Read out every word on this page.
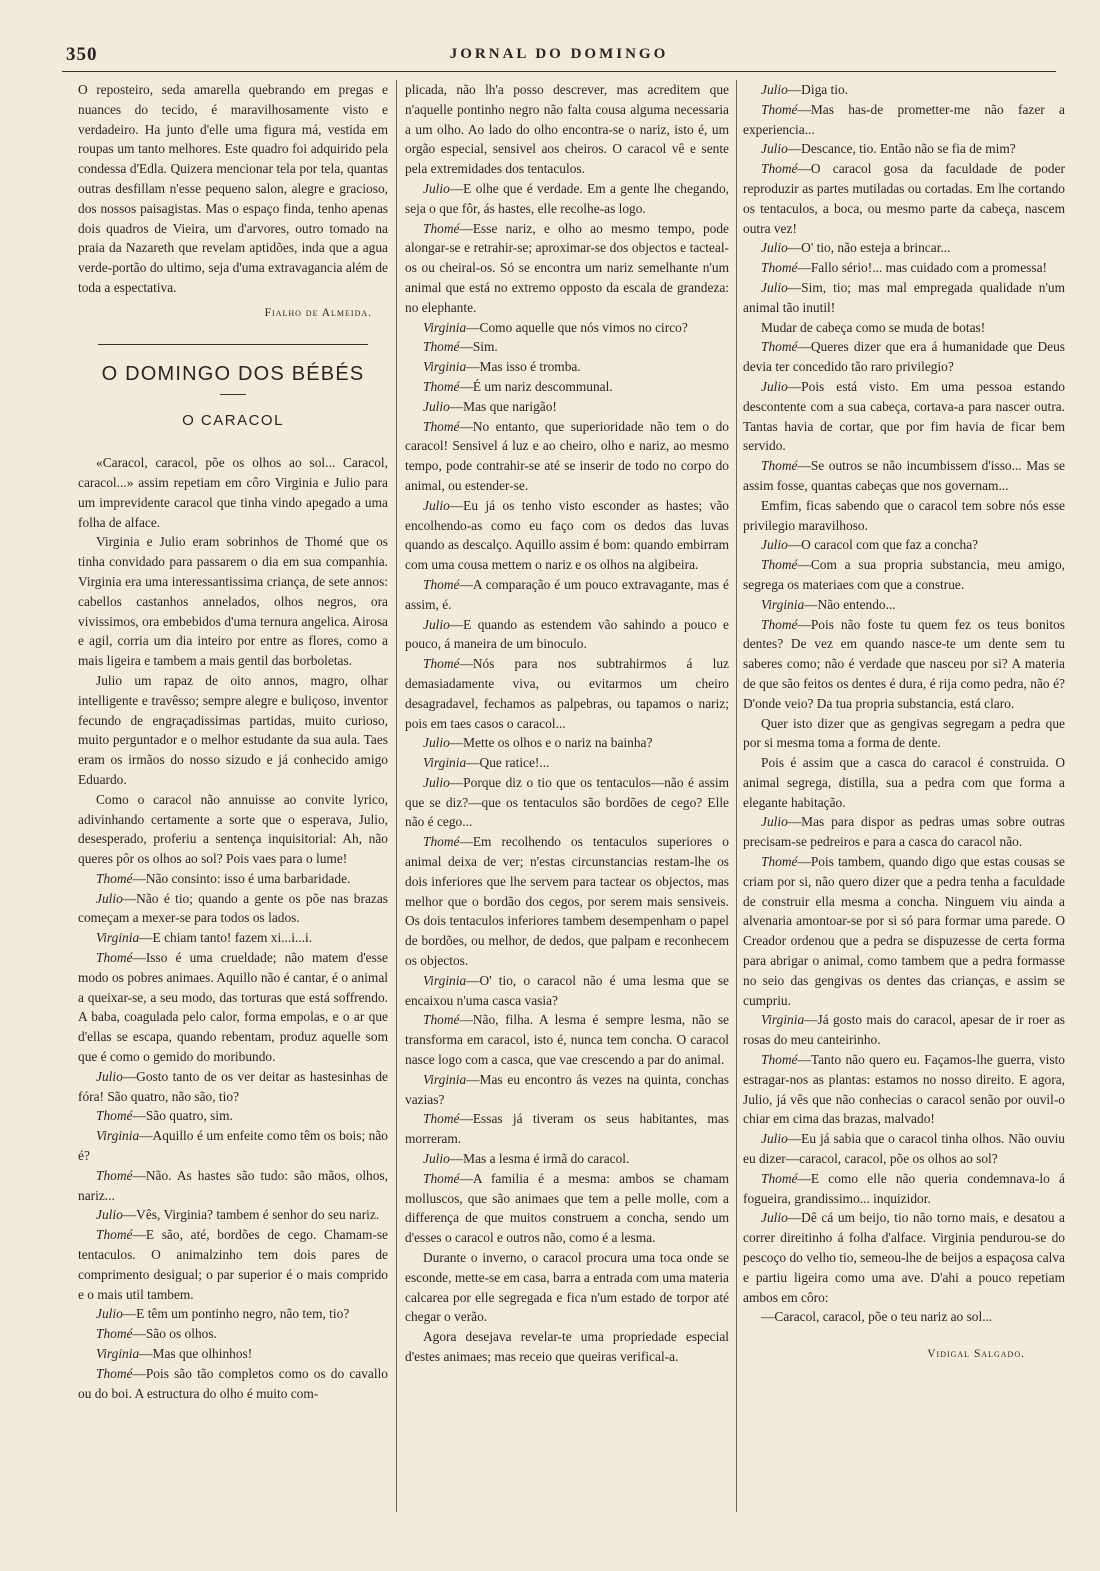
350	JORNAL DO DOMINGO

O reposteiro, seda amarella quebrando em pregas e nuances do tecido, é maravilhosamente visto e verdadeiro. Ha junto d'elle uma figura má, vestida em roupas um tanto melhores. Este quadro foi adquirido pela condessa d'Edla. Quizera mencionar tela por tela, quantas outras desfillam n'esse pequeno salon, alegre e gracioso, dos nossos paisagistas. Mas o espaço finda, tenho apenas dois quadros de Vieira, um d'arvores, outro tomado na praia da Nazareth que revelam aptidões, inda que a agua verde-portão do ultimo, seja d'uma extravagancia além de toda a espectativa.

Fialho de Almeida.
O DOMINGO DOS BÉBÉS
O CARACOL

«Caracol, caracol, põe os olhos ao sol... Caracol, caracol...» assim repetiam em côro Virginia e Julio para um imprevidente caracol que tinha vindo apegado a uma folha de alface.

Virginia e Julio eram sobrinhos de Thomé que os tinha convidado para passarem o dia em sua companhia. Virginia era uma interessantissima criança, de sete annos: cabellos castanhos annelados, olhos negros, ora vivissimos, ora embebidos d'uma ternura angelica. Airosa e agil, corria um dia inteiro por entre as flores, como a mais ligeira e tambem a mais gentil das borboletas.

Julio um rapaz de oito annos, magro, olhar intelligente e travêsso; sempre alegre e buliçoso, inventor fecundo de engraçadissimas partidas, muito curioso, muito perguntador e o melhor estudante da sua aula. Taes eram os irmãos do nosso sizudo e já conhecido amigo Eduardo.

Como o caracol não annuisse ao convite lyrico, adivinhando certamente a sorte que o esperava, Julio, desesperado, proferiu a sentença inquisitorial: Ah, não queres pôr os olhos ao sol? Pois vaes para o lume!

Thomé—Não consinto: isso é uma barbaridade.

Julio—Não é tio; quando a gente os põe nas brazas começam a mexer-se para todos os lados.

Virginia—E chiam tanto! fazem xi...i...i.

Thomé—Isso é uma crueldade; não matem d'esse modo os pobres animaes. Aquillo não é cantar, é o animal a queixar-se, a seu modo, das torturas que está soffrendo. A baba, coagulada pelo calor, forma empolas, e o ar que d'ellas se escapa, quando rebentam, produz aquelle som que é como o gemido do moribundo.

Julio—Gosto tanto de os ver deitar as hastesinhas de fóra! São quatro, não são, tio?

Thomé—São quatro, sim.

Virginia—Aquillo é um enfeite como têm os bois; não é?

Thomé—Não. As hastes são tudo: são mãos, olhos, nariz...

Julio—Vês, Virginia? tambem é senhor do seu nariz.

Thomé—E são, até, bordões de cego. Chamam-se tentaculos. O animalzinho tem dois pares de comprimento desigual; o par superior é o mais comprido e o mais util tambem.

Julio—E têm um pontinho negro, não tem, tio?

Thomé—São os olhos.

Virginia—Mas que olhinhos!

Thomé—Pois são tão completos como os do cavallo ou do boi. A estructura do olho é muito com-

plicada, não lh'a posso descrever, mas acreditem que n'aquelle pontinho negro não falta cousa alguma necessaria a um olho. Ao lado do olho encontra-se o nariz, isto é, um orgão especial, sensivel aos cheiros. O caracol vê e sente pela extremidades dos tentaculos.

Julio—E olhe que é verdade. Em a gente lhe chegando, seja o que fôr, ás hastes, elle recolhe-as logo.

Thomé—Esse nariz, e olho ao mesmo tempo, pode alongar-se e retrahir-se; aproximar-se dos objectos e tacteal-os ou cheiral-os. Só se encontra um nariz semelhante n'um animal que está no extremo opposto da escala de grandeza: no elephante.

Virginia—Como aquelle que nós vimos no circo?

Thomé—Sim.

Virginia—Mas isso é tromba.

Thomé—É um nariz descommunal.

Julio—Mas que narigão!

Thomé—No entanto, que superioridade não tem o do caracol! Sensivel á luz e ao cheiro, olho e nariz, ao mesmo tempo, pode contrahir-se até se inserir de todo no corpo do animal, ou estender-se.

Julio—Eu já os tenho visto esconder as hastes; vão encolhendo-as como eu faço com os dedos das luvas quando as descalço. Aquillo assim é bom: quando embirram com uma cousa mettem o nariz e os olhos na algibeira.

Thomé—A comparação é um pouco extravagante, mas é assim, é.

Julio—E quando as estendem vão sahindo a pouco e pouco, á maneira de um binoculo.

Thomé—Nós para nos subtrahirmos á luz demasiadamente viva, ou evitarmos um cheiro desagradavel, fechamos as palpebras, ou tapamos o nariz; pois em taes casos o caracol...

Julio—Mette os olhos e o nariz na bainha?

Virginia—Que ratice!...

Julio—Porque diz o tio que os tentaculos—não é assim que se diz?—que os tentaculos são bordões de cego? Elle não é cego...

Thomé—Em recolhendo os tentaculos superiores o animal deixa de ver; n'estas circunstancias restam-lhe os dois inferiores que lhe servem para tactear os objectos, mas melhor que o bordão dos cegos, por serem mais sensiveis. Os dois tentaculos inferiores tambem desempenham o papel de bordões, ou melhor, de dedos, que palpam e reconhecem os objectos.

Virginia—O' tio, o caracol não é uma lesma que se encaixou n'uma casca vasia?

Thomé—Não, filha. A lesma é sempre lesma, não se transforma em caracol, isto é, nunca tem concha. O caracol nasce logo com a casca, que vae crescendo a par do animal.

Virginia—Mas eu encontro ás vezes na quinta, conchas vazias?

Thomé—Essas já tiveram os seus habitantes, mas morreram.

Julio—Mas a lesma é irmã do caracol.

Thomé—A familia é a mesma: ambos se chamam molluscos, que são animaes que tem a pelle molle, com a differença de que muitos construem a concha, sendo um d'esses o caracol e outros não, como é a lesma.

Durante o inverno, o caracol procura uma toca onde se esconde, mette-se em casa, barra a entrada com uma materia calcarea por elle segregada e fica n'um estado de torpor até chegar o verão.

Agora desejava revelar-te uma propriedade especial d'estes animaes; mas receio que queiras verifical-a.

Julio—Diga tio.

Thomé—Mas has-de prometter-me não fazer a experiencia...

Julio—Descance, tio. Então não se fia de mim?

Thomé—O caracol gosa da faculdade de poder reproduzir as partes mutiladas ou cortadas. Em lhe cortando os tentaculos, a boca, ou mesmo parte da cabeça, nascem outra vez!

Julio—O' tio, não esteja a brincar...

Thomé—Fallo sério!... mas cuidado com a promessa!

Julio—Sim, tio; mas mal empregada qualidade n'um animal tão inutil!

Mudar de cabeça como se muda de botas!

Thomé—Queres dizer que era á humanidade que Deus devia ter concedido tão raro privilegio?

Julio—Pois está visto. Em uma pessoa estando descontente com a sua cabeça, cortava-a para nascer outra. Tantas havia de cortar, que por fim havia de ficar bem servido.

Thomé—Se outros se não incumbissem d'isso... Mas se assim fosse, quantas cabeças que nos governam...

Emfim, ficas sabendo que o caracol tem sobre nós esse privilegio maravilhoso.

Julio—O caracol com que faz a concha?

Thomé—Com a sua propria substancia, meu amigo, segrega os materiaes com que a construe.

Virginia—Não entendo...

Thomé—Pois não foste tu quem fez os teus bonitos dentes? De vez em quando nasce-te um dente sem tu saberes como; não é verdade que nasceu por si? A materia de que são feitos os dentes é dura, é rija como pedra, não é? D'onde veio? Da tua propria substancia, está claro.

Quer isto dizer que as gengivas segregam a pedra que por si mesma toma a forma de dente.

Pois é assim que a casca do caracol é construida. O animal segrega, distilla, sua a pedra com que forma a elegante habitação.

Julio—Mas para dispor as pedras umas sobre outras precisam-se pedreiros e para a casca do caracol não.

Thomé—Pois tambem, quando digo que estas cousas se criam por si, não quero dizer que a pedra tenha a faculdade de construir ella mesma a concha. Ninguem viu ainda a alvenaria amontoar-se por si só para formar uma parede. O Creador ordenou que a pedra se dispuzesse de certa forma para abrigar o animal, como tambem que a pedra formasse no seio das gengivas os dentes das crianças, e assim se cumpriu.

Virginia—Já gosto mais do caracol, apesar de ir roer as rosas do meu canteirinho.

Thomé—Tanto não quero eu. Façamos-lhe guerra, visto estragar-nos as plantas: estamos no nosso direito. E agora, Julio, já vês que não conhecias o caracol senão por ouvil-o chiar em cima das brazas, malvado!

Julio—Eu já sabia que o caracol tinha olhos. Não ouviu eu dizer—caracol, caracol, põe os olhos ao sol?

Thomé—E como elle não queria condemnava-lo á fogueira, grandissimo... inquizidor.

Julio—Dê cá um beijo, tio não torno mais, e desatou a correr direitinho á folha d'alface. Virginia pendurou-se do pescoço do velho tio, semeou-lhe de beijos a espaçosa calva e partiu ligeira como uma ave. D'ahi a pouco repetiam ambos em côro:

—Caracol, caracol, põe o teu nariz ao sol...

Vidigal Salgado.
